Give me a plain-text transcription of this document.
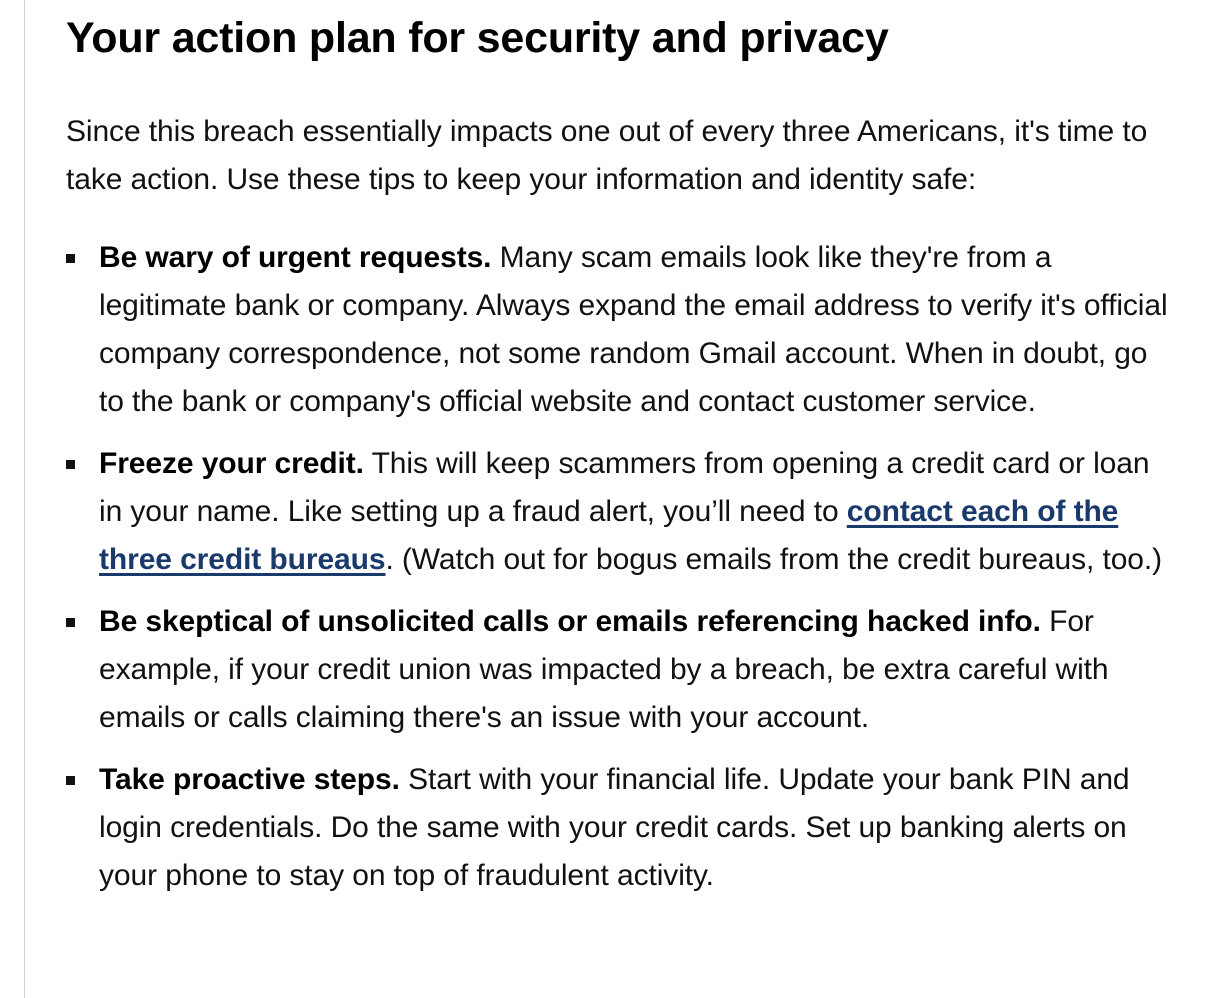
Your action plan for security and privacy

Since this breach essentially impacts one out of every three Americans, it's time to take action. Use these tips to keep your information and identity safe:

Be wary of urgent requests. Many scam emails look like they're from a legitimate bank or company. Always expand the email address to verify it's official company correspondence, not some random Gmail account. When in doubt, go to the bank or company's official website and contact customer service.
Freeze your credit. This will keep scammers from opening a credit card or loan in your name. Like setting up a fraud alert, you’ll need to contact each of the three credit bureaus. (Watch out for bogus emails from the credit bureaus, too.)
Be skeptical of unsolicited calls or emails referencing hacked info. For example, if your credit union was impacted by a breach, be extra careful with emails or calls claiming there's an issue with your account.
Take proactive steps. Start with your financial life. Update your bank PIN and login credentials. Do the same with your credit cards. Set up banking alerts on your phone to stay on top of fraudulent activity.
